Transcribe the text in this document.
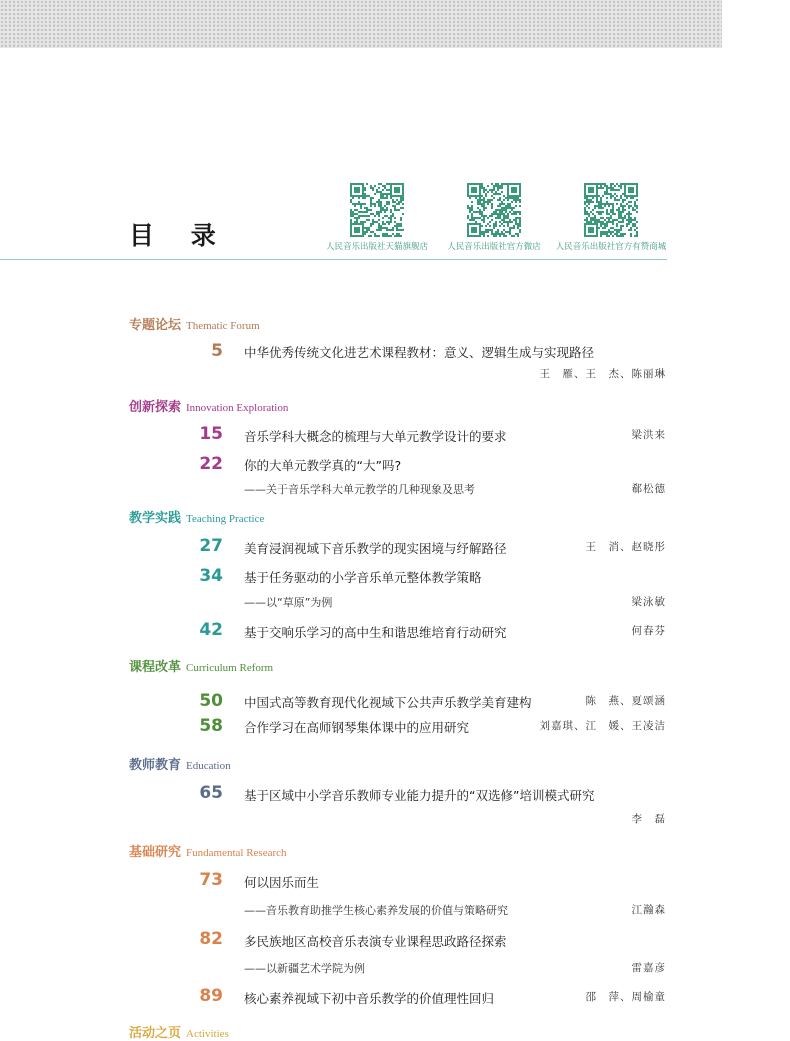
目 录	人民音乐出版社天猫旗舰店	人民音乐出版社官方微店	人民音乐出版社官方有赞商城
专题论坛 Thematic Forum
5 中华优秀传统文化进艺术课程教材：意义、逻辑生成与实现路径
王　雁、王　杰、陈丽琳
创新探索 Innovation Exploration
15 音乐学科大概念的梳理与大单元教学设计的要求	梁洪来
22 你的大单元教学真的“大”吗?
——关于音乐学科大单元教学的几种现象及思考	郗松德
教学实践 Teaching Practice
27 美育浸润视域下音乐教学的现实困境与纾解路径	王　消、赵晓彤
34 基于任务驱动的小学音乐单元整体教学策略
——以“草原”为例	梁泳敏
42 基于交响乐学习的高中生和谐思维培育行动研究	何春芬
课程改革 Curriculum Reform
50 中国式高等教育现代化视域下公共声乐教学美育建构	陈　燕、夏颂涵
58 合作学习在高师钢琴集体课中的应用研究	刘嘉琪、江　媛、王凌洁
教师教育 Education
65 基于区域中小学音乐教师专业能力提升的“双选修”培训模式研究
李　磊
基础研究 Fundamental Research
73 何以因乐而生
——音乐教育助推学生核心素养发展的价值与策略研究	江瀚森
82 多民族地区高校音乐表演专业课程思政路径探索
——以新疆艺术学院为例	雷嘉彦
89 核心素养视域下初中音乐教学的价值理性回归	邵　萍、周榆童
活动之页 Activities
